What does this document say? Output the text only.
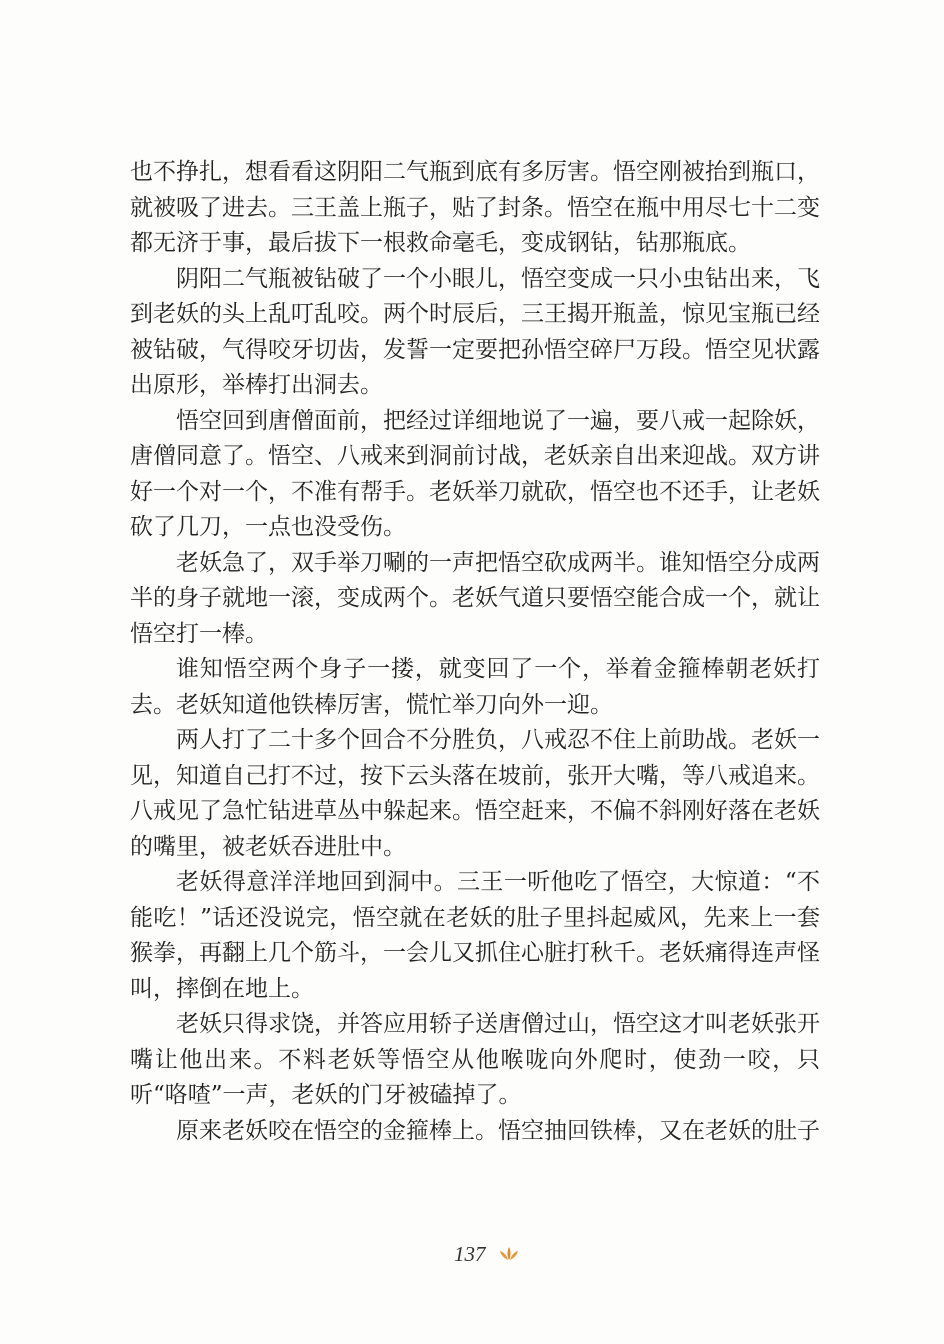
也不挣扎，想看看这阴阳二气瓶到底有多厉害。悟空刚被抬到瓶口，就被吸了进去。三王盖上瓶子，贴了封条。悟空在瓶中用尽七十二变都无济于事，最后拔下一根救命毫毛，变成钢钻，钻那瓶底。

阴阳二气瓶被钻破了一个小眼儿，悟空变成一只小虫钻出来，飞到老妖的头上乱叮乱咬。两个时辰后，三王揭开瓶盖，惊见宝瓶已经被钻破，气得咬牙切齿，发誓一定要把孙悟空碎尸万段。悟空见状露出原形，举棒打出洞去。

悟空回到唐僧面前，把经过详细地说了一遍，要八戒一起除妖，唐僧同意了。悟空、八戒来到洞前讨战，老妖亲自出来迎战。双方讲好一个对一个，不准有帮手。老妖举刀就砍，悟空也不还手，让老妖砍了几刀，一点也没受伤。

老妖急了，双手举刀唰的一声把悟空砍成两半。谁知悟空分成两半的身子就地一滚，变成两个。老妖气道只要悟空能合成一个，就让悟空打一棒。

谁知悟空两个身子一搂，就变回了一个，举着金箍棒朝老妖打去。老妖知道他铁棒厉害，慌忙举刀向外一迎。

两人打了二十多个回合不分胜负，八戒忍不住上前助战。老妖一见，知道自己打不过，按下云头落在坡前，张开大嘴，等八戒追来。八戒见了急忙钻进草丛中躲起来。悟空赶来，不偏不斜刚好落在老妖的嘴里，被老妖吞进肚中。

老妖得意洋洋地回到洞中。三王一听他吃了悟空，大惊道：“不能吃！”话还没说完，悟空就在老妖的肚子里抖起威风，先来上一套猴拳，再翻上几个筋斗，一会儿又抓住心脏打秋千。老妖痛得连声怪叫，摔倒在地上。

老妖只得求饶，并答应用轿子送唐僧过山，悟空这才叫老妖张开嘴让他出来。不料老妖等悟空从他喉咙向外爬时，使劲一咬，只听“咯喳”一声，老妖的门牙被磕掉了。

原来老妖咬在悟空的金箍棒上。悟空抽回铁棒，又在老妖的肚子

137
